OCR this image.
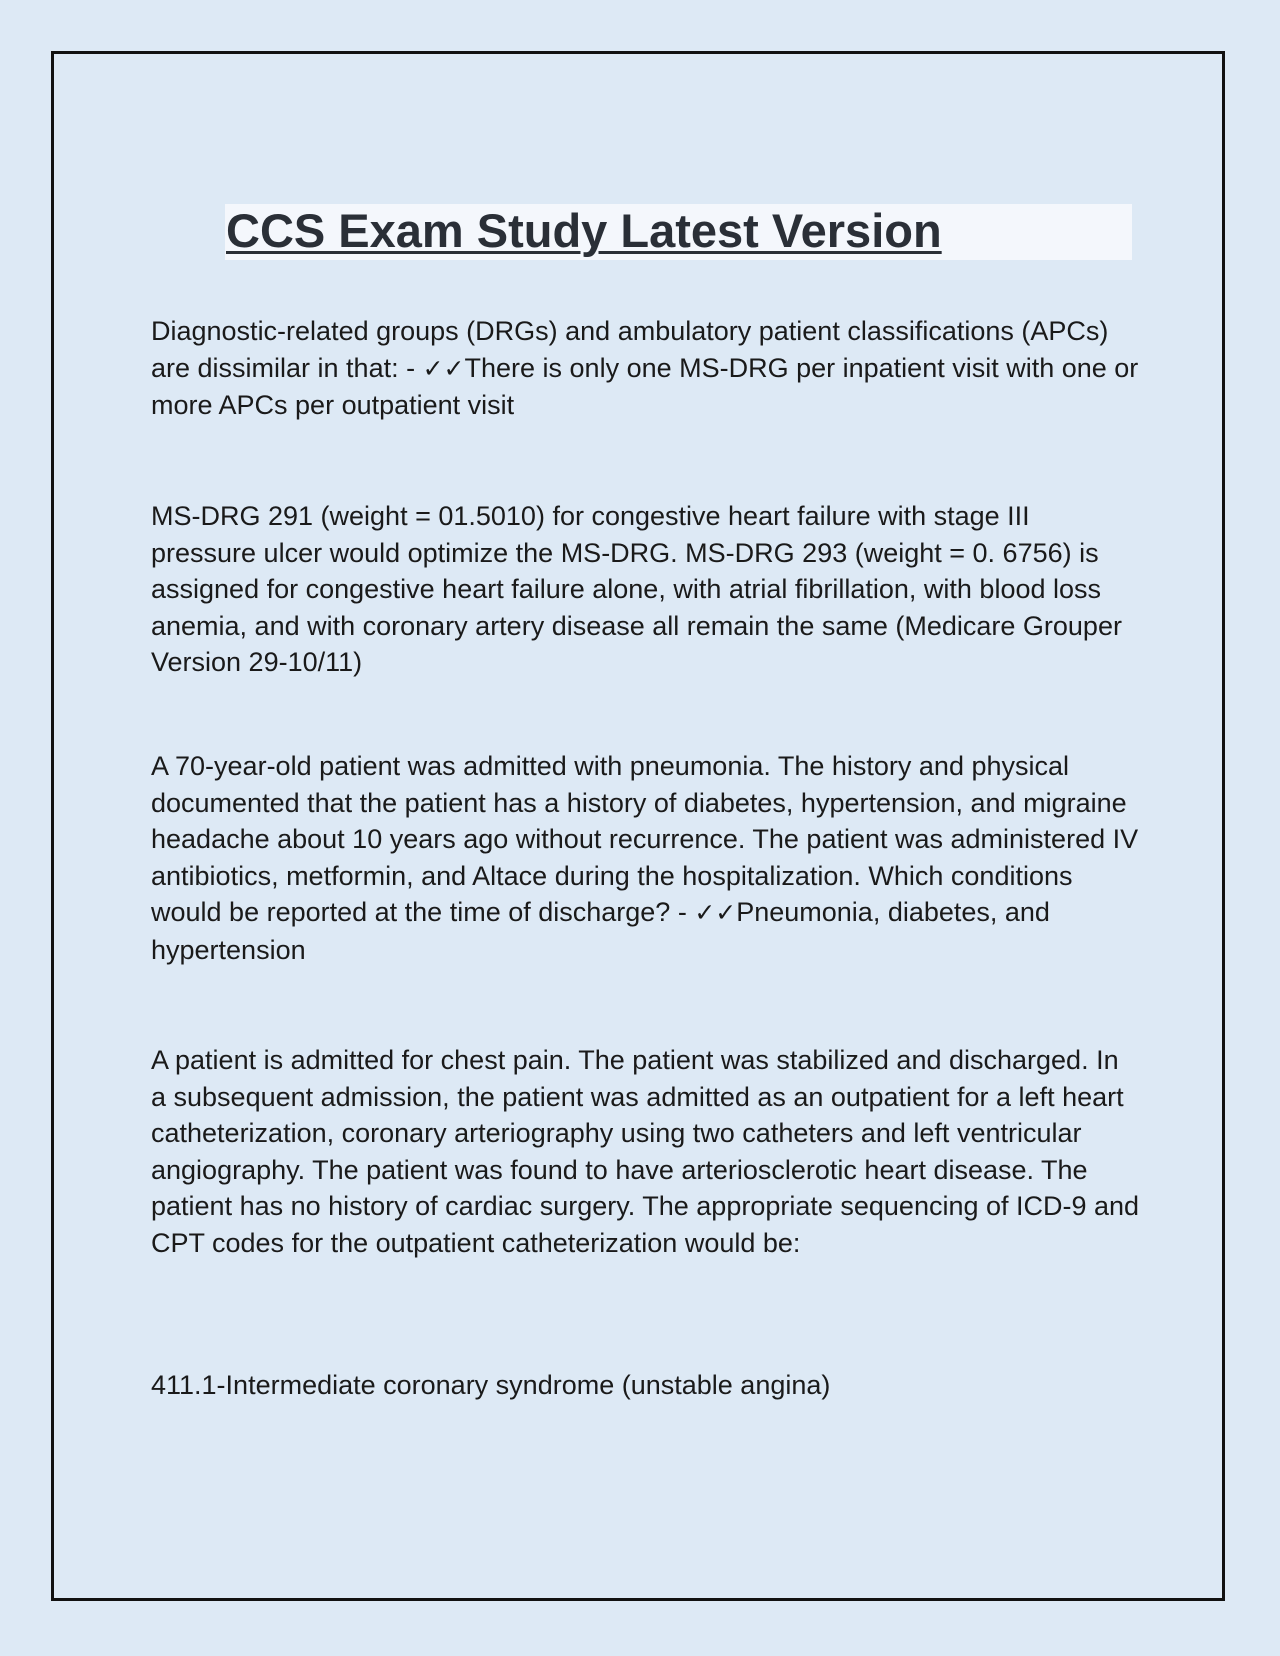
CCS Exam Study Latest Version

Diagnostic-related groups (DRGs) and ambulatory patient classifications (APCs) are dissimilar in that: - ✓✓There is only one MS-DRG per inpatient visit with one or more APCs per outpatient visit

MS-DRG 291 (weight = 01.5010) for congestive heart failure with stage III pressure ulcer would optimize the MS-DRG. MS-DRG 293 (weight = 0. 6756) is assigned for congestive heart failure alone, with atrial fibrillation, with blood loss anemia, and with coronary artery disease all remain the same (Medicare Grouper Version 29-10/11)

A 70-year-old patient was admitted with pneumonia. The history and physical documented that the patient has a history of diabetes, hypertension, and migraine headache about 10 years ago without recurrence. The patient was administered IV antibiotics, metformin, and Altace during the hospitalization. Which conditions would be reported at the time of discharge? - ✓✓Pneumonia, diabetes, and hypertension

A patient is admitted for chest pain. The patient was stabilized and discharged. In a subsequent admission, the patient was admitted as an outpatient for a left heart catheterization, coronary arteriography using two catheters and left ventricular angiography. The patient was found to have arteriosclerotic heart disease. The patient has no history of cardiac surgery. The appropriate sequencing of ICD-9 and CPT codes for the outpatient catheterization would be:

411.1-Intermediate coronary syndrome (unstable angina)
